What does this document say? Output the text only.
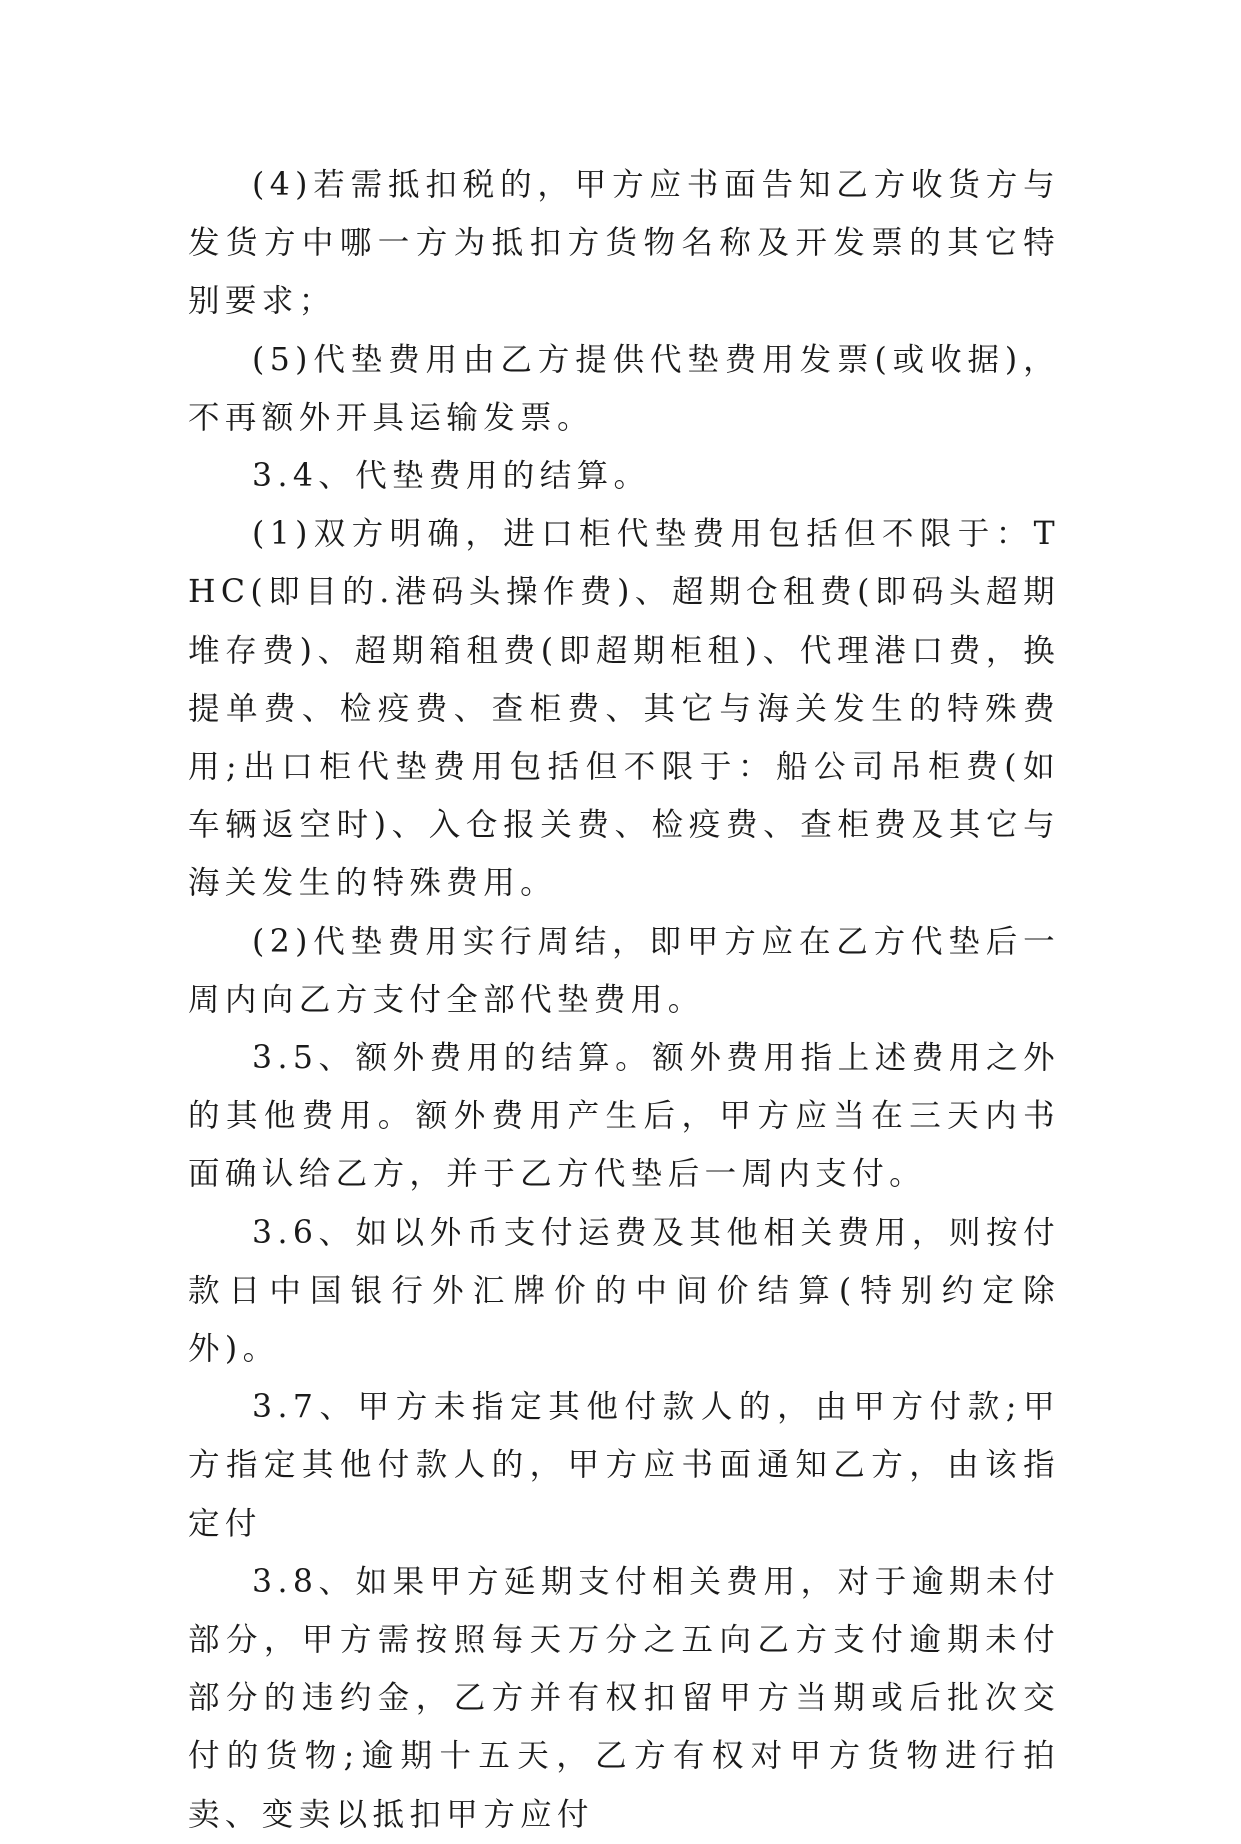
(4)若需抵扣税的，甲方应书面告知乙方收货方与发货方中哪一方为抵扣方货物名称及开发票的其它特别要求；

(5)代垫费用由乙方提供代垫费用发票(或收据)，不再额外开具运输发票。

3.4、代垫费用的结算。

(1)双方明确，进口柜代垫费用包括但不限于：THC(即目的.港码头操作费)、超期仓租费(即码头超期堆存费)、超期箱租费(即超期柜租)、代理港口费，换提单费、检疫费、查柜费、其它与海关发生的特殊费用;出口柜代垫费用包括但不限于：船公司吊柜费(如车辆返空时)、入仓报关费、检疫费、查柜费及其它与海关发生的特殊费用。

(2)代垫费用实行周结，即甲方应在乙方代垫后一周内向乙方支付全部代垫费用。

3.5、额外费用的结算。额外费用指上述费用之外的其他费用。额外费用产生后，甲方应当在三天内书面确认给乙方，并于乙方代垫后一周内支付。

3.6、如以外币支付运费及其他相关费用，则按付款日中国银行外汇牌价的中间价结算(特别约定除外)。

3.7、甲方未指定其他付款人的，由甲方付款;甲方指定其他付款人的，甲方应书面通知乙方，由该指定付

3.8、如果甲方延期支付相关费用，对于逾期未付部分，甲方需按照每天万分之五向乙方支付逾期未付部分的违约金，乙方并有权扣留甲方当期或后批次交付的货物;逾期十五天，乙方有权对甲方货物进行拍卖、变卖以抵扣甲方应付
